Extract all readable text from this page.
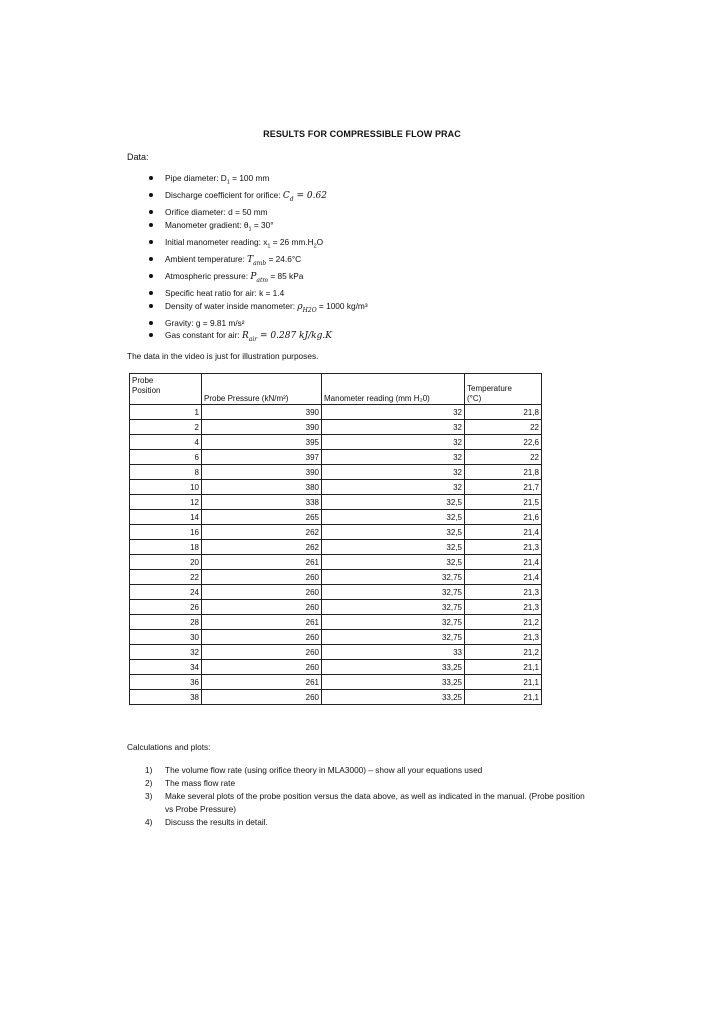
RESULTS FOR COMPRESSIBLE FLOW PRAC
Data:
Pipe diameter: $D_1 = 100$ mm
Discharge coefficient for orifice: $C_d = 0.62$
Orifice diameter: d = 50 mm
Manometer gradient: $\theta_1 = 30^\circ$
Initial manometer reading: $x_1 = 26$ $mm.H_2O$
Ambient temperature: $T_{amb} = 24.6^\circ C$
Atmospheric pressure: $P_{atm} = 85$ kPa
Specific heat ratio for air: k = 1.4
Density of water inside manometer: $\rho_{H2O} = 1000$ kg/m³
Gravity: g = 9.81 m/s²
Gas constant for air: $R_{air} = 0.287$ kJ/kg.K
The data in the video is just for illustration purposes.
Probe
Position	Probe Pressure (kN/m²)	Manometer reading (mm H₂0)	Temperature
(°C)
1	390	32	21,8
2	390	32	22
4	395	32	22,6
6	397	32	22
8	390	32	21,8
10	380	32	21,7
12	338	32,5	21,5
14	265	32,5	21,6
16	262	32,5	21,4
18	262	32,5	21,3
20	261	32,5	21,4
22	260	32,75	21,4
24	260	32,75	21,3
26	260	32,75	21,3
28	261	32,75	21,2
30	260	32,75	21,3
32	260	33	21,2
34	260	33,25	21,1
36	261	33,25	21,1
38	260	33,25	21,1
Calculations and plots:
1)	The volume flow rate (using orifice theory in MLA3000) – show all your equations used
2)	The mass flow rate
3)	Make several plots of the probe position versus the data above, as well as indicated in the manual. (Probe position vs Probe Pressure)
4)	Discuss the results in detail.
